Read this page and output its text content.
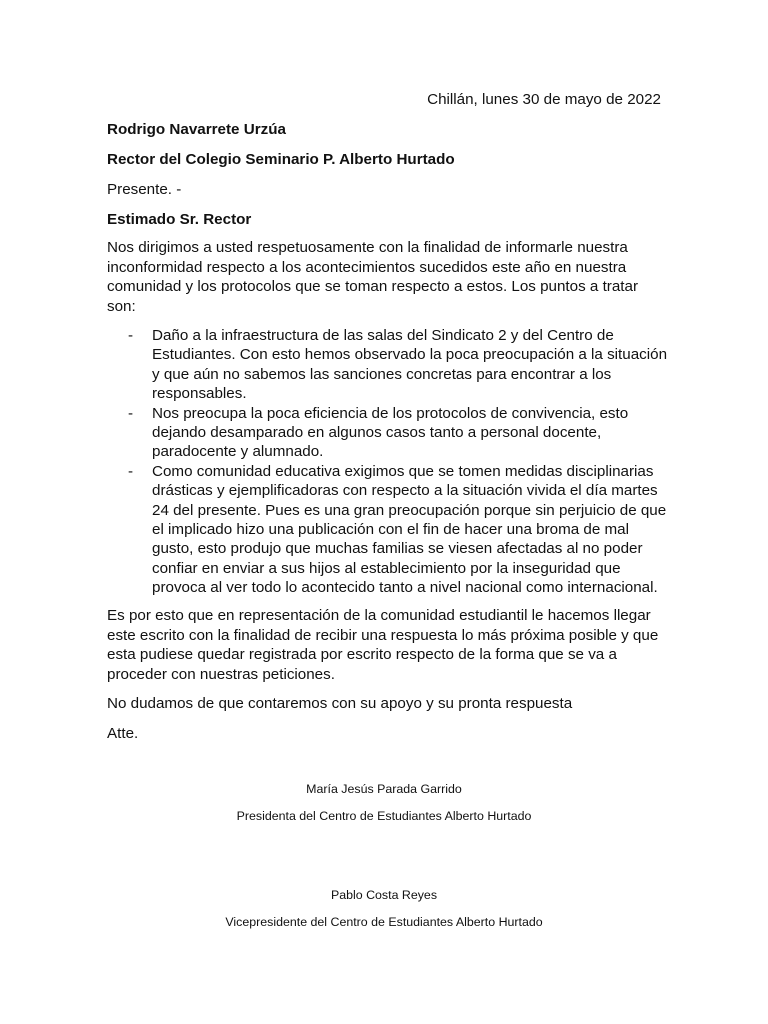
Chillán, lunes 30 de mayo de 2022
Rodrigo Navarrete Urzúa
Rector del Colegio Seminario P. Alberto Hurtado
Presente. -
Estimado Sr. Rector

Nos dirigimos a usted respetuosamente con la finalidad de informarle nuestra inconformidad respecto a los acontecimientos sucedidos este año en nuestra comunidad y los protocolos que se toman respecto a estos. Los puntos a tratar son:

- Daño a la infraestructura de las salas del Sindicato 2 y del Centro de Estudiantes. Con esto hemos observado la poca preocupación a la situación y que aún no sabemos las sanciones concretas para encontrar a los responsables.
- Nos preocupa la poca eficiencia de los protocolos de convivencia, esto dejando desamparado en algunos casos tanto a personal docente, paradocente y alumnado.
- Como comunidad educativa exigimos que se tomen medidas disciplinarias drásticas y ejemplificadoras con respecto a la situación vivida el día martes 24 del presente. Pues es una gran preocupación porque sin perjuicio de que el implicado hizo una publicación con el fin de hacer una broma de mal gusto, esto produjo que muchas familias se viesen afectadas al no poder confiar en enviar a sus hijos al establecimiento por la inseguridad que provoca al ver todo lo acontecido tanto a nivel nacional como internacional.

Es por esto que en representación de la comunidad estudiantil le hacemos llegar este escrito con la finalidad de recibir una respuesta lo más próxima posible y que esta pudiese quedar registrada por escrito respecto de la forma que se va a proceder con nuestras peticiones.

No dudamos de que contaremos con su apoyo y su pronta respuesta
Atte.
María Jesús Parada Garrido
Presidenta del Centro de Estudiantes Alberto Hurtado
Pablo Costa Reyes
Vicepresidente del Centro de Estudiantes Alberto Hurtado
